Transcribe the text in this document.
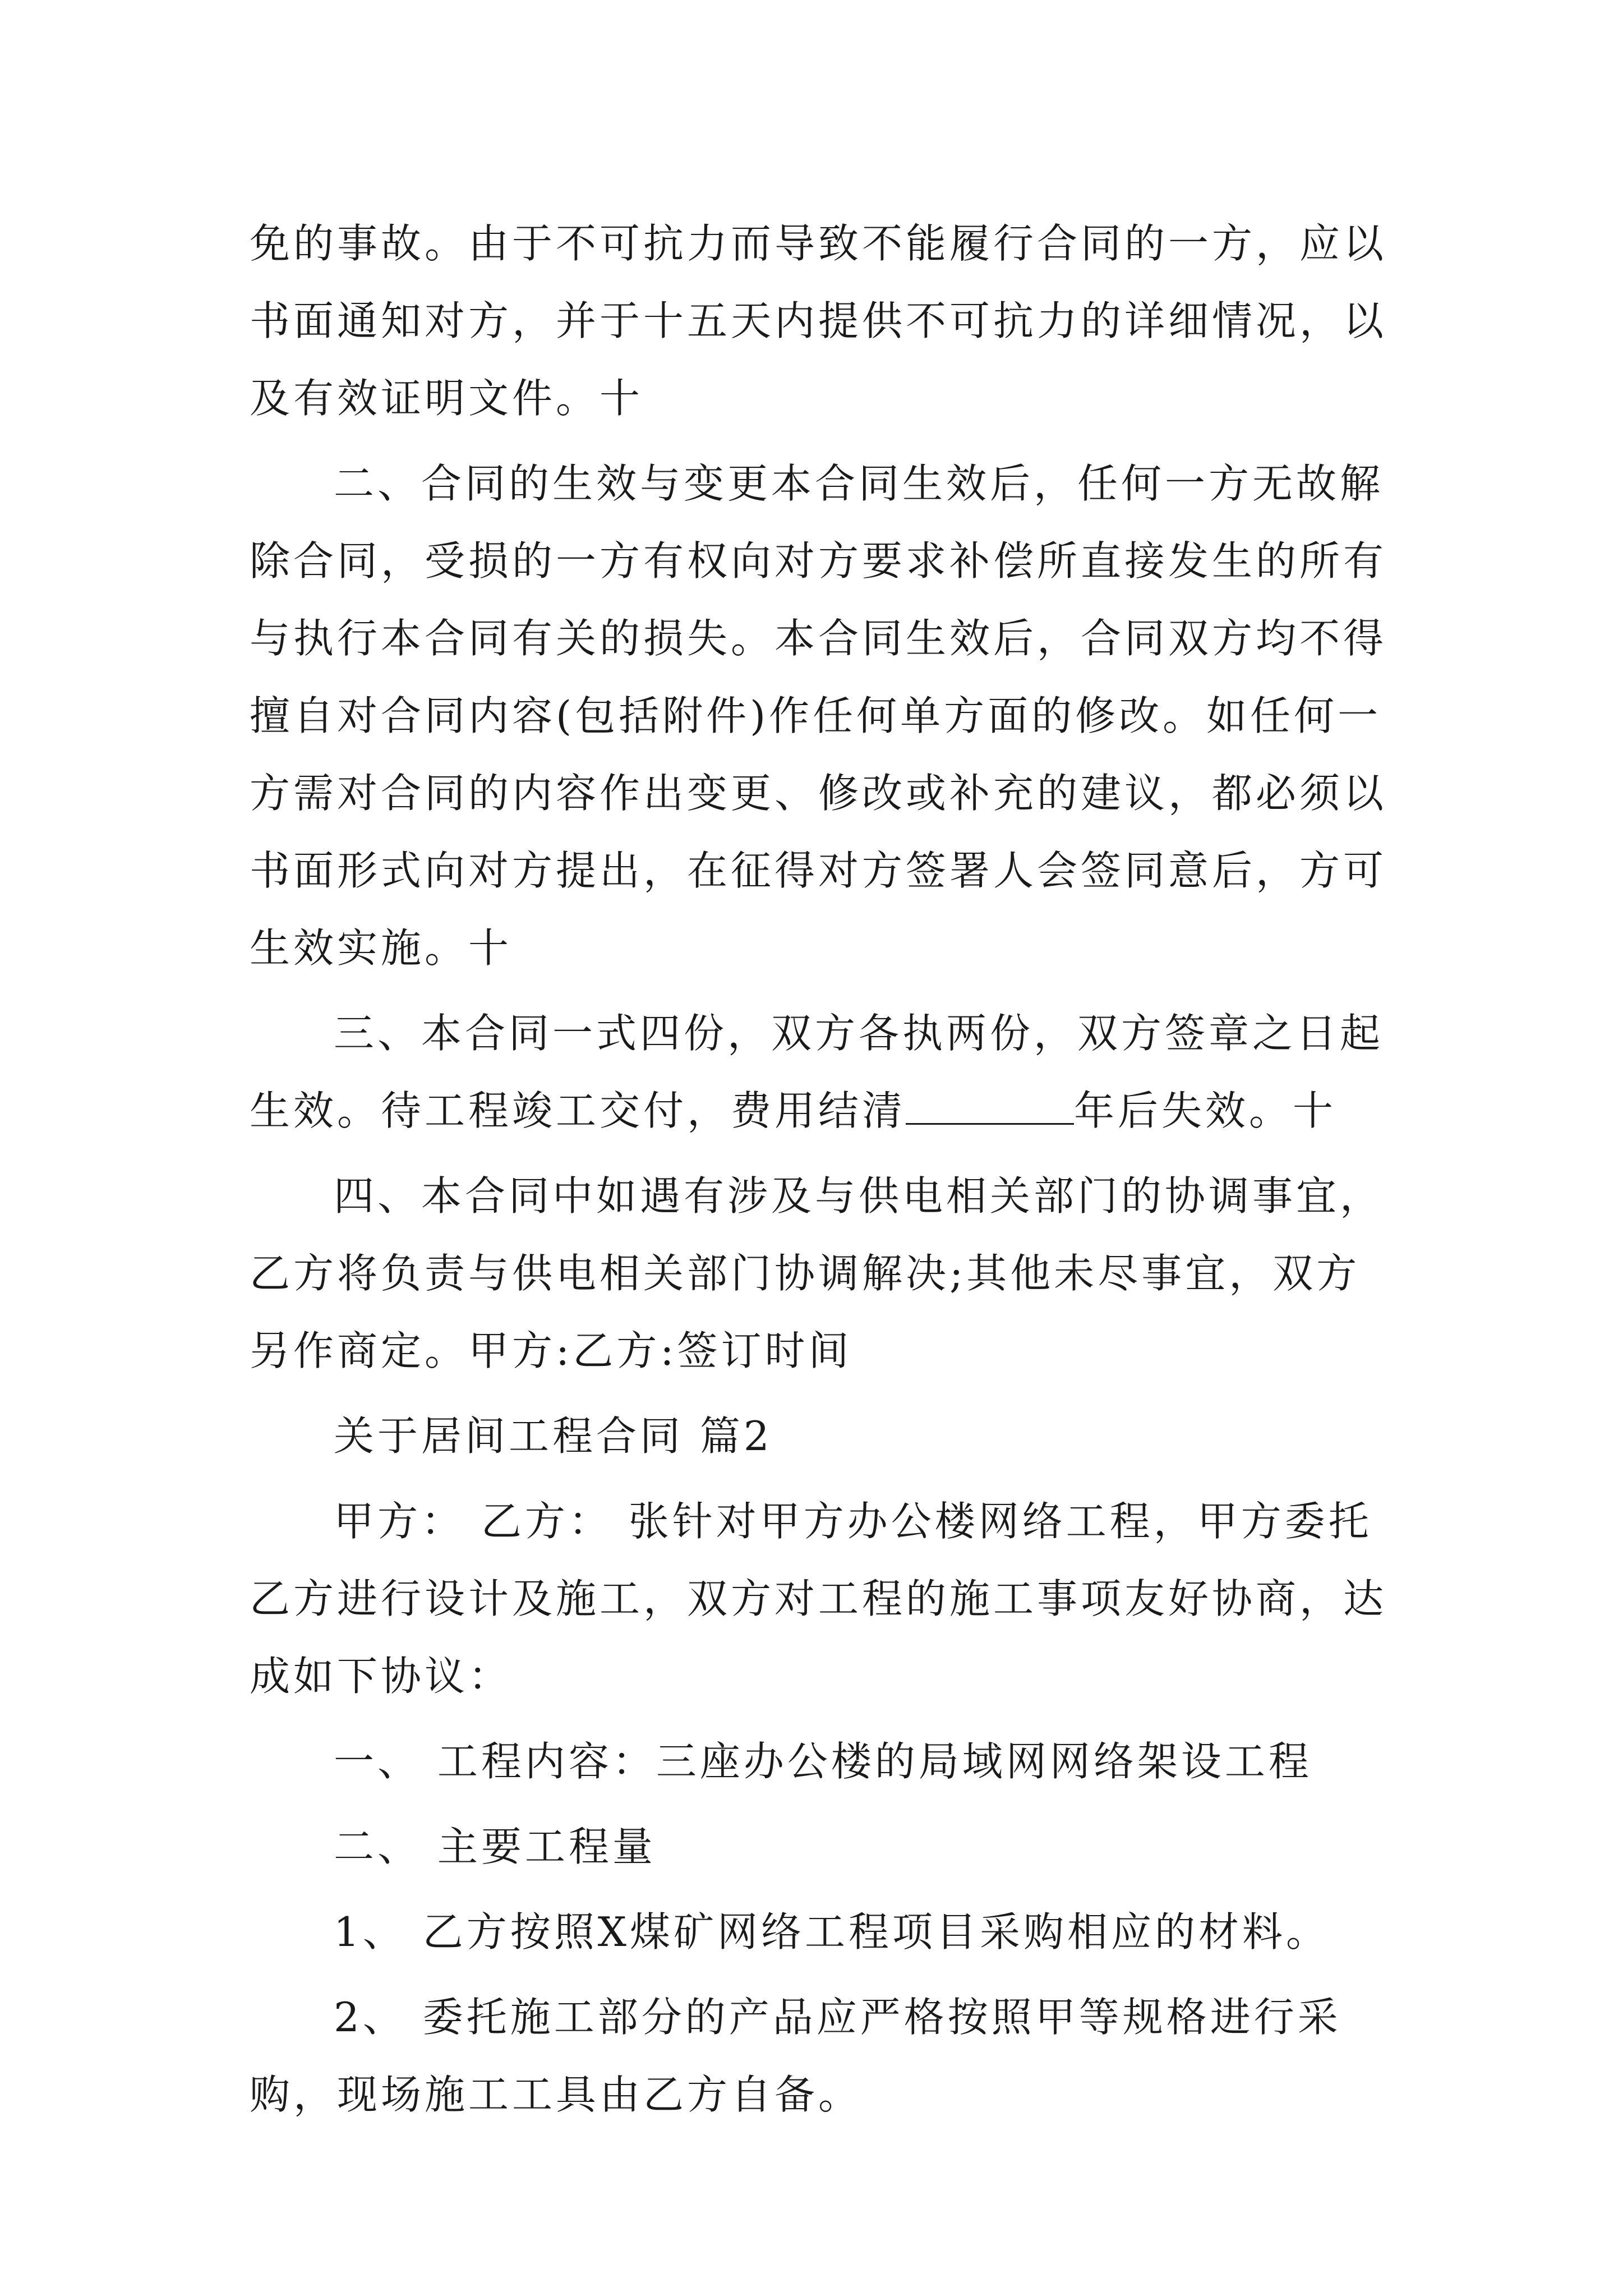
免的事故。由于不可抗力而导致不能履行合同的一方，应以
书面通知对方，并于十五天内提供不可抗力的详细情况，以
及有效证明文件。十
二、合同的生效与变更本合同生效后，任何一方无故解
除合同，受损的一方有权向对方要求补偿所直接发生的所有
与执行本合同有关的损失。本合同生效后，合同双方均不得
擅自对合同内容(包括附件)作任何单方面的修改。如任何一
方需对合同的内容作出变更、修改或补充的建议，都必须以
书面形式向对方提出，在征得对方签署人会签同意后，方可
生效实施。十
三、本合同一式四份，双方各执两份，双方签章之日起
生效。待工程竣工交付，费用结清	年后失效。十
四、本合同中如遇有涉及与供电相关部门的协调事宜，
乙方将负责与供电相关部门协调解决;其他未尽事宜，双方
另作商定。甲方:乙方:签订时间
关于居间工程合同 篇2
甲方： 乙方： 张针对甲方办公楼网络工程，甲方委托
乙方进行设计及施工，双方对工程的施工事项友好协商，达
成如下协议：
一、 工程内容：三座办公楼的局域网网络架设工程
二、 主要工程量
1、 乙方按照X煤矿网络工程项目采购相应的材料。
2、 委托施工部分的产品应严格按照甲等规格进行采
购，现场施工工具由乙方自备。
